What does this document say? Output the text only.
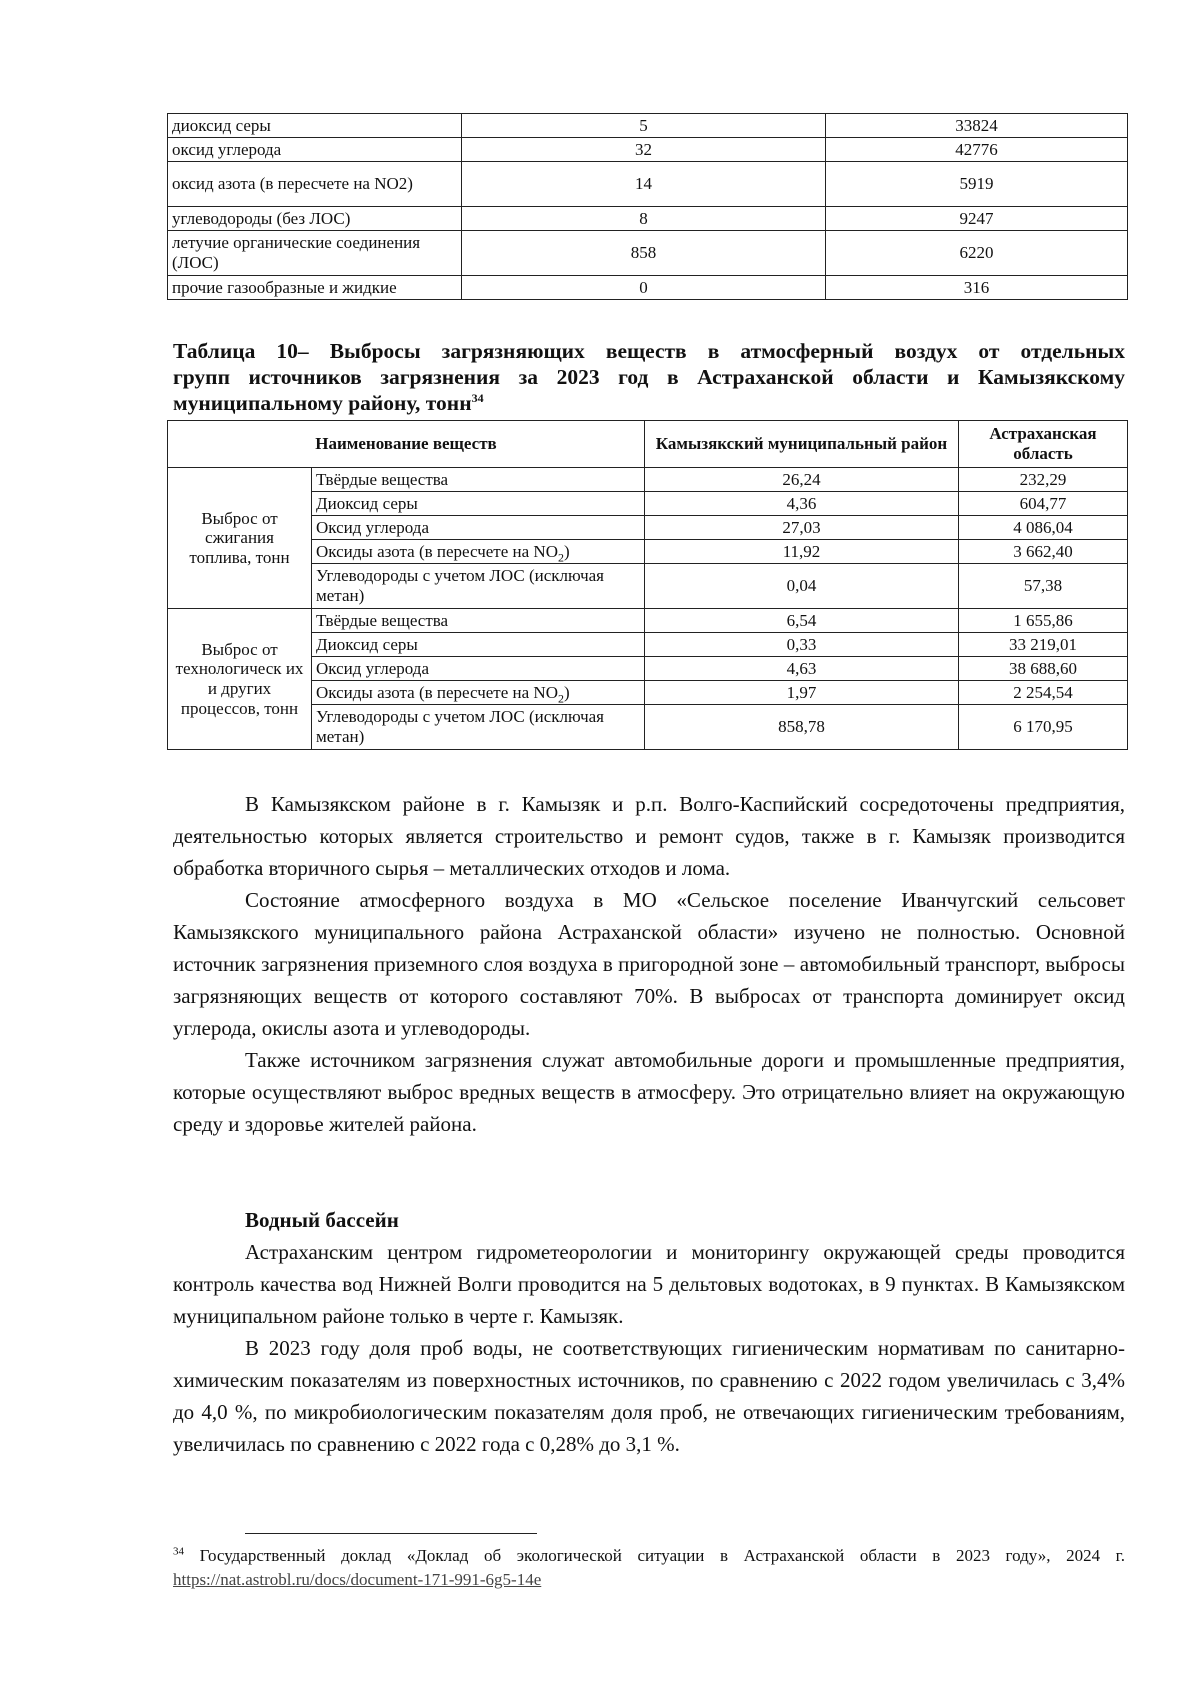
диоксид серы	5	33824
оксид углерода	32	42776
оксид азота (в пересчете на NO2)	14	5919
углеводороды (без ЛОС)	8	9247
летучие органические соединения (ЛОС)	858	6220
прочие газообразные и жидкие	0	316
Таблица 10– Выбросы загрязняющих веществ в атмосферный воздух от отдельных
групп источников загрязнения за 2023 год в Астраханской области и Камызякскому
муниципальному району, тонн$^{34}$
Наименование веществ		Камызякский муниципальный район	Астраханская область
Выброс от сжигания топлива, тонн	Твёрдые вещества	26,24	232,29
	Диоксид серы	4,36	604,77
	Оксид углерода	27,03	4 086,04
	Оксиды азота (в пересчете на $NO_2$)	11,92	3 662,40
	Углеводороды с учетом ЛОС (исключая метан)	0,04	57,38
Выброс от технологическ их и других процессов, тонн	Твёрдые вещества	6,54	1 655,86
	Диоксид серы	0,33	33 219,01
	Оксид углерода	4,63	38 688,60
	Оксиды азота (в пересчете на $NO_2$)	1,97	2 254,54
	Углеводороды с учетом ЛОС (исключая метан)	858,78	6 170,95

В Камызякском районе в г. Камызяк и р.п. Волго-Каспийский сосредоточены предприятия, деятельностью которых является строительство и ремонт судов, также в г. Камызяк производится обработка вторичного сырья – металлических отходов и лома.

Состояние атмосферного воздуха в МО «Сельское поселение Иванчугский сельсовет Камызякского муниципального района Астраханской области» изучено не полностью. Основной источник загрязнения приземного слоя воздуха в пригородной зоне – автомобильный транспорт, выбросы загрязняющих веществ от которого составляют 70%. В выбросах от транспорта доминирует оксид углерода, окислы азота и углеводороды.

Также источником загрязнения служат автомобильные дороги и промышленные предприятия, которые осуществляют выброс вредных веществ в атмосферу. Это отрицательно влияет на окружающую среду и здоровье жителей района.

Водный бассейн

Астраханским центром гидрометеорологии и мониторингу окружающей среды проводится контроль качества вод Нижней Волги проводится на 5 дельтовых водотоках, в 9 пунктах. В Камызякском муниципальном районе только в черте г. Камызяк.

В 2023 году доля проб воды, не соответствующих гигиеническим нормативам по санитарно-химическим показателям из поверхностных источников, по сравнению с 2022 годом увеличилась с 3,4% до 4,0 %, по микробиологическим показателям доля проб, не отвечающих гигиеническим требованиям, увеличилась по сравнению с 2022 года с 0,28% до 3,1 %.

$^{34}$ Государственный доклад «Доклад об экологической ситуации в Астраханской области в 2023 году», 2024 г. https://nat.astrobl.ru/docs/document-171-991-6g5-14e
